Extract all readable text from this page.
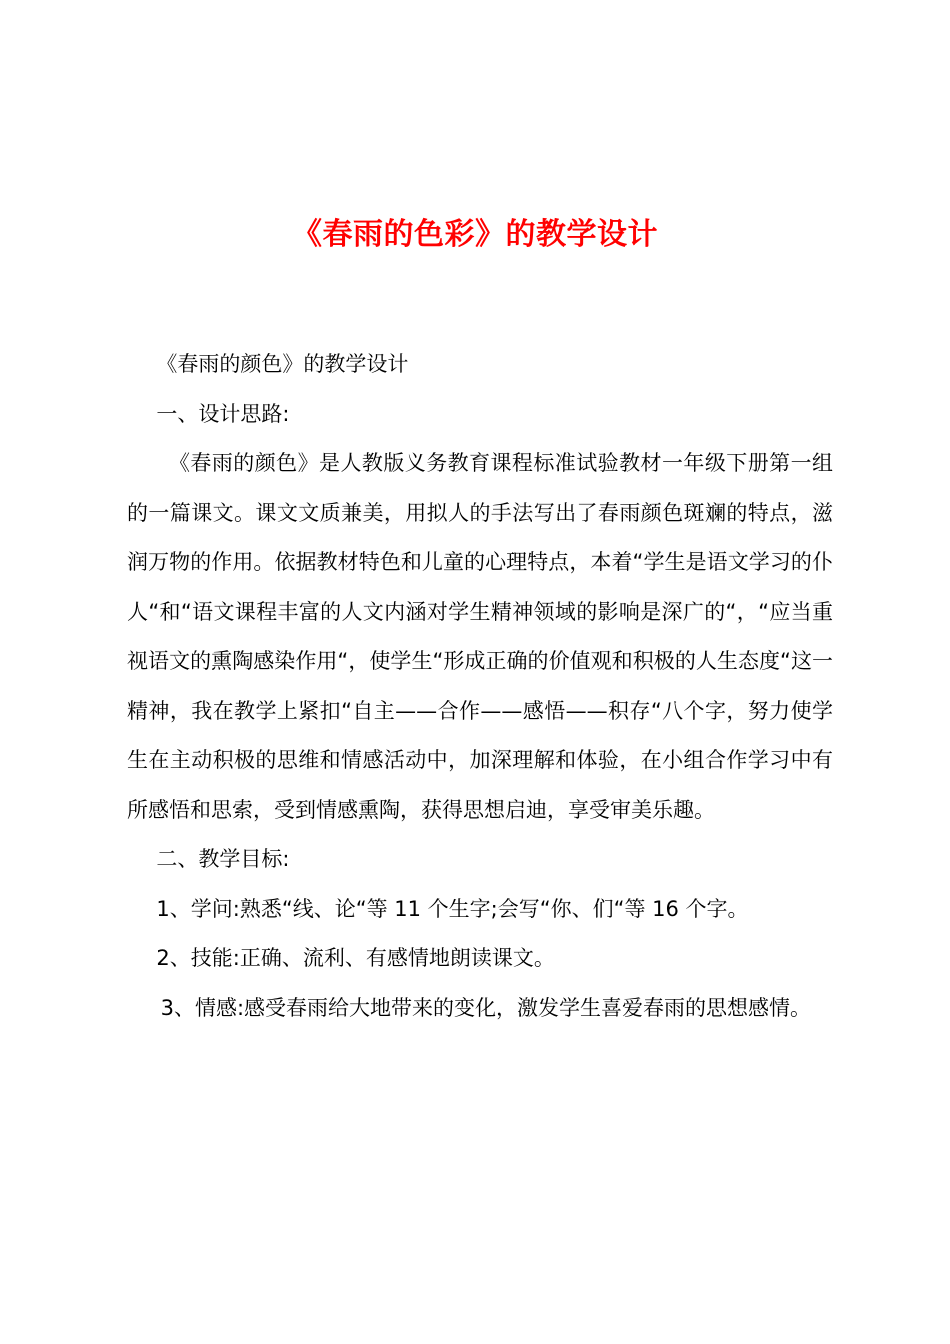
《春雨的色彩》的教学设计

《春雨的颜色》的教学设计

一、设计思路:

《春雨的颜色》是人教版义务教育课程标准试验教材一年级下册第一组的一篇课文。课文文质兼美，用拟人的手法写出了春雨颜色斑斓的特点，滋润万物的作用。依据教材特色和儿童的心理特点，本着“学生是语文学习的仆人“和“语文课程丰富的人文内涵对学生精神领域的影响是深广的“，“应当重视语文的熏陶感染作用“，使学生“形成正确的价值观和积极的人生态度“这一精神，我在教学上紧扣“自主——合作——感悟——积存“八个字，努力使学生在主动积极的思维和情感活动中，加深理解和体验，在小组合作学习中有所感悟和思索，受到情感熏陶，获得思想启迪，享受审美乐趣。

二、教学目标:

1、学问:熟悉“线、论“等 11 个生字;会写“你、们“等 16 个字。

2、技能:正确、流利、有感情地朗读课文。

3、情感:感受春雨给大地带来的变化，激发学生喜爱春雨的思想感情。
